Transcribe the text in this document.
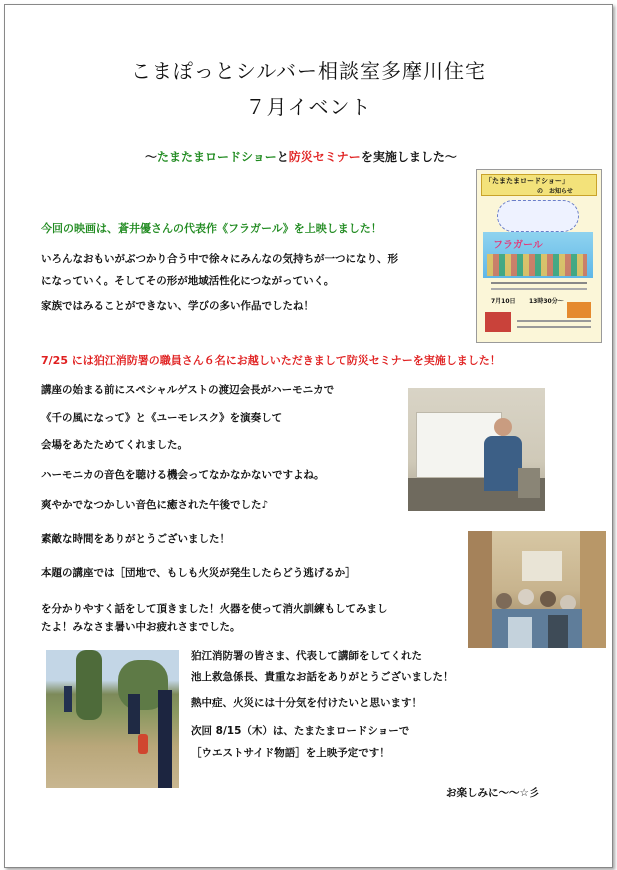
こまぽっとシルバー相談室多摩川住宅
７月イベント
～たまたまロードショーと防災セミナーを実施しました～
今回の映画は、蒼井優さんの代表作《フラガール》を上映しました！
いろんなおもいがぶつかり合う中で徐々にみんなの気持ちが一つになり、形
になっていく。そしてその形が地域活性化につながっていく。
家族ではみることができない、学びの多い作品でしたね！
「たまたまロードショー」
の　お知らせ
フラガール
7月10日 13時30分～
7/25 には狛江消防署の職員さん６名にお越しいただきまして防災セミナーを実施しました！
講座の始まる前にスペシャルゲストの渡辺会長がハーモニカで
《千の風になって》と《ユーモレスク》を演奏して
会場をあたためてくれました。
ハーモニカの音色を聴ける機会ってなかなかないですよね。
爽やかでなつかしい音色に癒された午後でした♪
素敵な時間をありがとうございました！
本題の講座では［団地で、もしも火災が発生したらどう逃げるか］
を分かりやすく話をして頂きました！火器を使って消火訓練もしてみまし
たよ！みなさま暑い中お疲れさまでした。
狛江消防署の皆さま、代表して講師をしてくれた
池上救急係長、貴重なお話をありがとうございました！
熱中症、火災には十分気を付けたいと思います！
次回 8/15（木）は、たまたまロードショーで
［ウエストサイド物語］を上映予定です！
お楽しみに～～☆彡
